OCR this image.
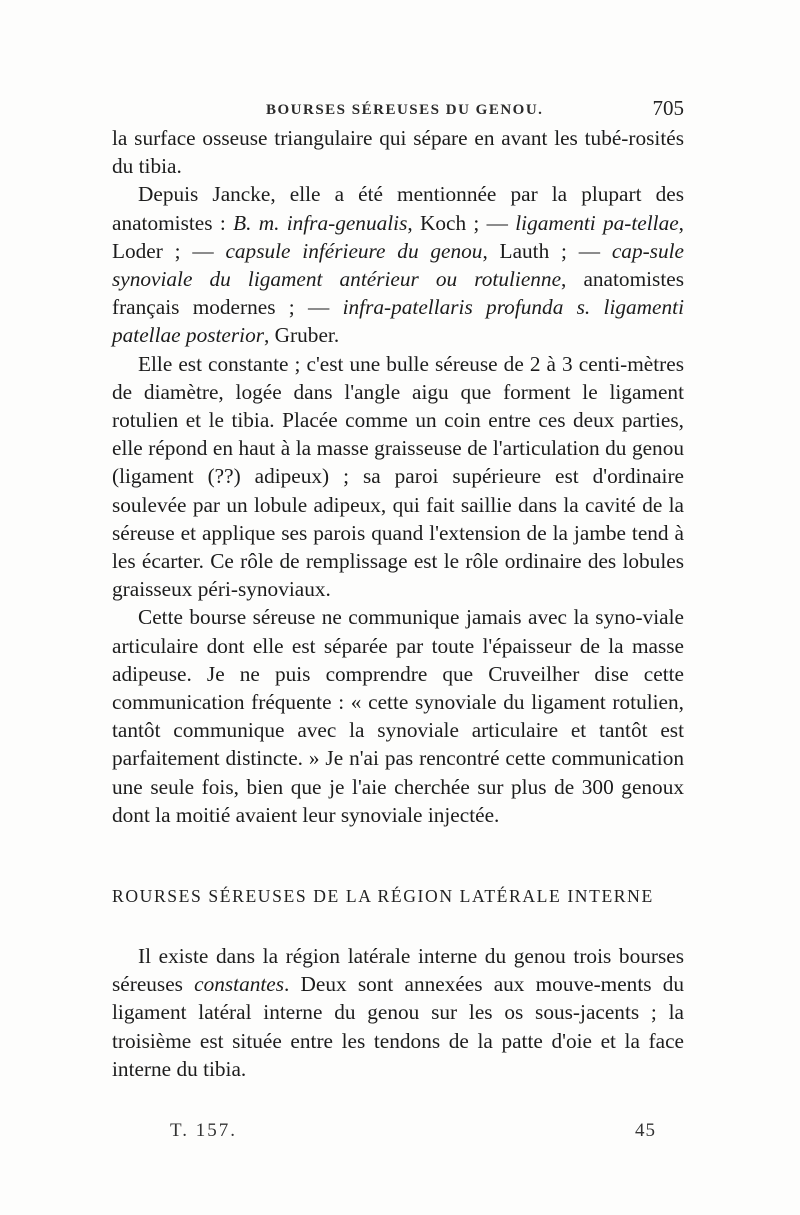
BOURSES SÉREUSES DU GENOU.	705

la surface osseuse triangulaire qui sépare en avant les tubé-rosités du tibia.

Depuis Jancke, elle a été mentionnée par la plupart des anatomistes : B. m. infra-genualis, Koch ; — ligamenti pa-tellae, Loder ; — capsule inférieure du genou, Lauth ; — cap-sule synoviale du ligament antérieur ou rotulienne, anatomistes français modernes ; — infra-patellaris profunda s. ligamenti patellae posterior, Gruber.

Elle est constante ; c'est une bulle séreuse de 2 à 3 centi-mètres de diamètre, logée dans l'angle aigu que forment le ligament rotulien et le tibia. Placée comme un coin entre ces deux parties, elle répond en haut à la masse graisseuse de l'articulation du genou (ligament (??) adipeux) ; sa paroi supérieure est d'ordinaire soulevée par un lobule adipeux, qui fait saillie dans la cavité de la séreuse et applique ses parois quand l'extension de la jambe tend à les écarter. Ce rôle de remplissage est le rôle ordinaire des lobules graisseux péri-synoviaux.

Cette bourse séreuse ne communique jamais avec la syno-viale articulaire dont elle est séparée par toute l'épaisseur de la masse adipeuse. Je ne puis comprendre que Cruveilher dise cette communication fréquente : « cette synoviale du ligament rotulien, tantôt communique avec la synoviale articulaire et tantôt est parfaitement distincte. » Je n'ai pas rencontré cette communication une seule fois, bien que je l'aie cherchée sur plus de 300 genoux dont la moitié avaient leur synoviale injectée.

ROURSES SÉREUSES DE LA RÉGION LATÉRALE INTERNE

Il existe dans la région latérale interne du genou trois bourses séreuses constantes. Deux sont annexées aux mouve-ments du ligament latéral interne du genou sur les os sous-jacents ; la troisième est située entre les tendons de la patte d'oie et la face interne du tibia.

T. 157.	45
